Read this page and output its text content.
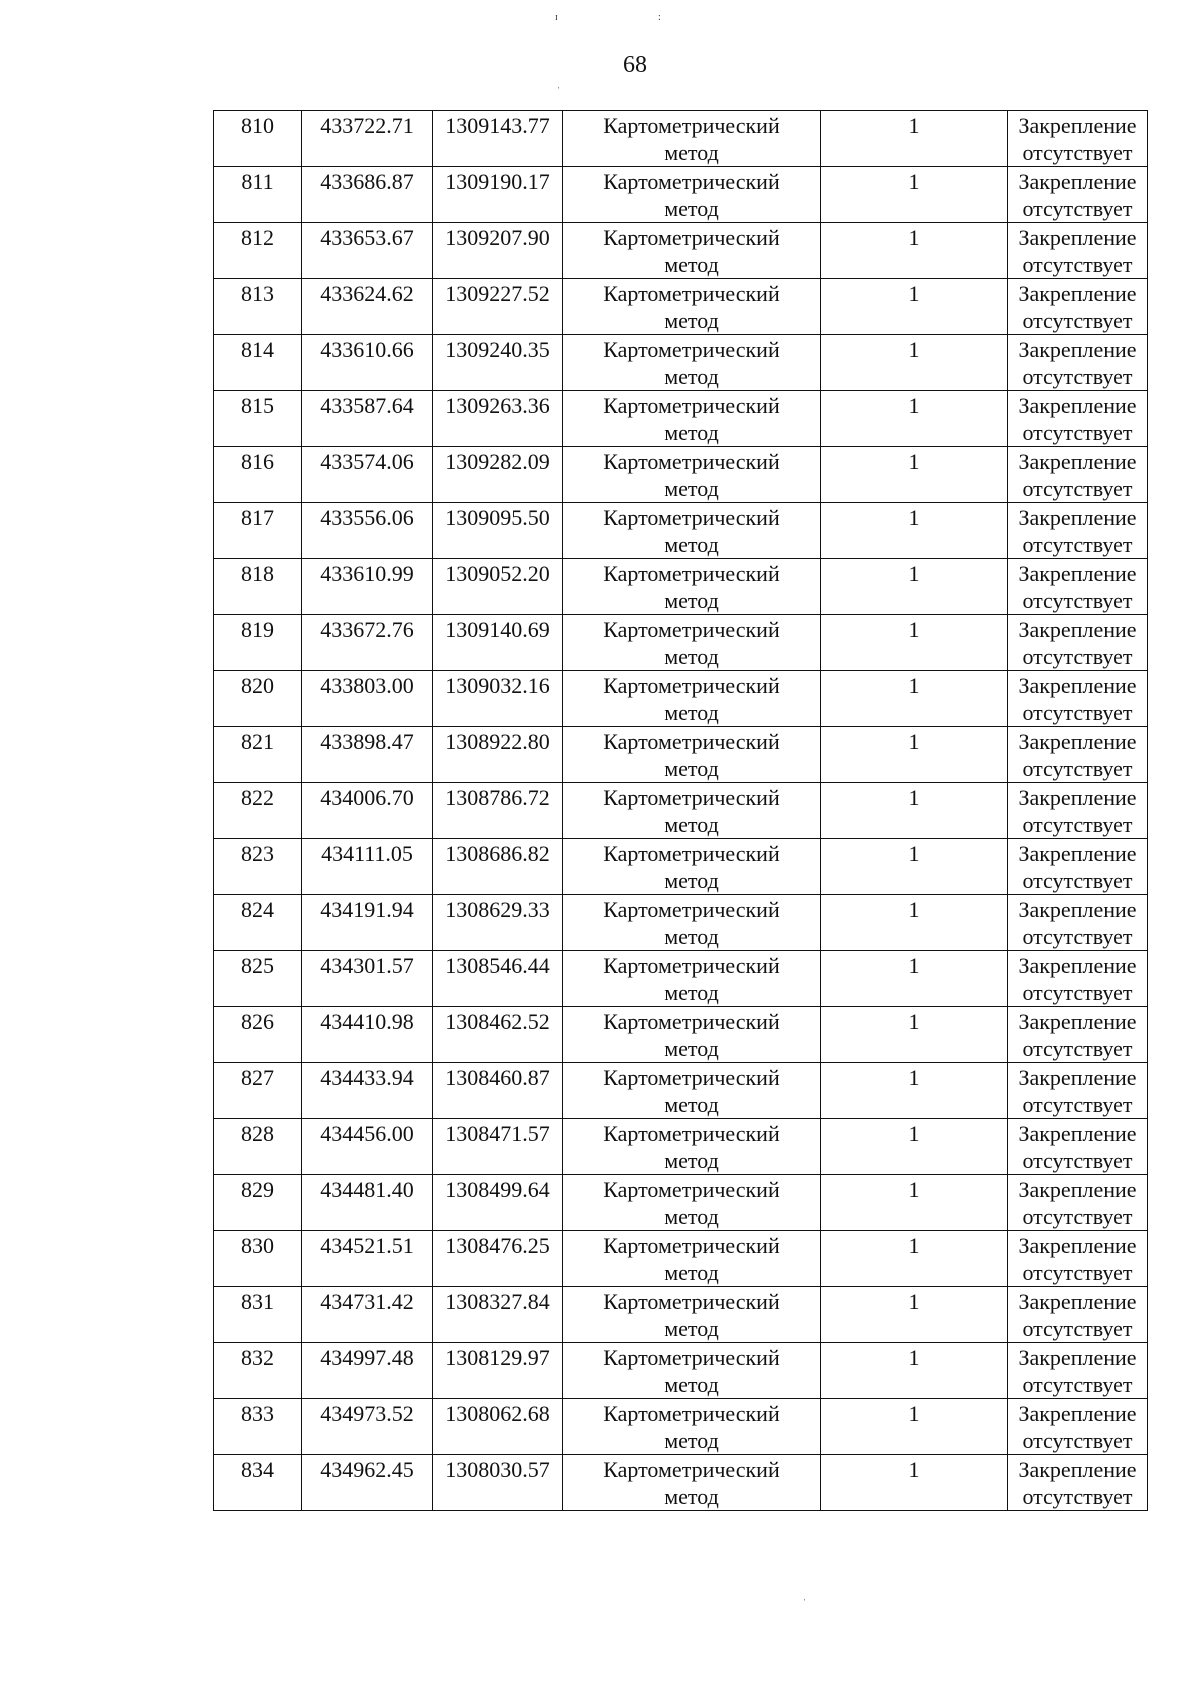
68
ɪ	:
ˌ
ˌ
810	433722.71	1309143.77	Картометрический
метод	1	Закрепление
отсутствует

811	433686.87	1309190.17	Картометрический
метод	1	Закрепление
отсутствует

812	433653.67	1309207.90	Картометрический
метод	1	Закрепление
отсутствует

813	433624.62	1309227.52	Картометрический
метод	1	Закрепление
отсутствует

814	433610.66	1309240.35	Картометрический
метод	1	Закрепление
отсутствует

815	433587.64	1309263.36	Картометрический
метод	1	Закрепление
отсутствует

816	433574.06	1309282.09	Картометрический
метод	1	Закрепление
отсутствует

817	433556.06	1309095.50	Картометрический
метод	1	Закрепление
отсутствует

818	433610.99	1309052.20	Картометрический
метод	1	Закрепление
отсутствует

819	433672.76	1309140.69	Картометрический
метод	1	Закрепление
отсутствует

820	433803.00	1309032.16	Картометрический
метод	1	Закрепление
отсутствует

821	433898.47	1308922.80	Картометрический
метод	1	Закрепление
отсутствует

822	434006.70	1308786.72	Картометрический
метод	1	Закрепление
отсутствует

823	434111.05	1308686.82	Картометрический
метод	1	Закрепление
отсутствует

824	434191.94	1308629.33	Картометрический
метод	1	Закрепление
отсутствует

825	434301.57	1308546.44	Картометрический
метод	1	Закрепление
отсутствует

826	434410.98	1308462.52	Картометрический
метод	1	Закрепление
отсутствует

827	434433.94	1308460.87	Картометрический
метод	1	Закрепление
отсутствует

828	434456.00	1308471.57	Картометрический
метод	1	Закрепление
отсутствует

829	434481.40	1308499.64	Картометрический
метод	1	Закрепление
отсутствует

830	434521.51	1308476.25	Картометрический
метод	1	Закрепление
отсутствует

831	434731.42	1308327.84	Картометрический
метод	1	Закрепление
отсутствует

832	434997.48	1308129.97	Картометрический
метод	1	Закрепление
отсутствует

833	434973.52	1308062.68	Картометрический
метод	1	Закрепление
отсутствует

834	434962.45	1308030.57	Картометрический
метод	1	Закрепление
отсутствует
